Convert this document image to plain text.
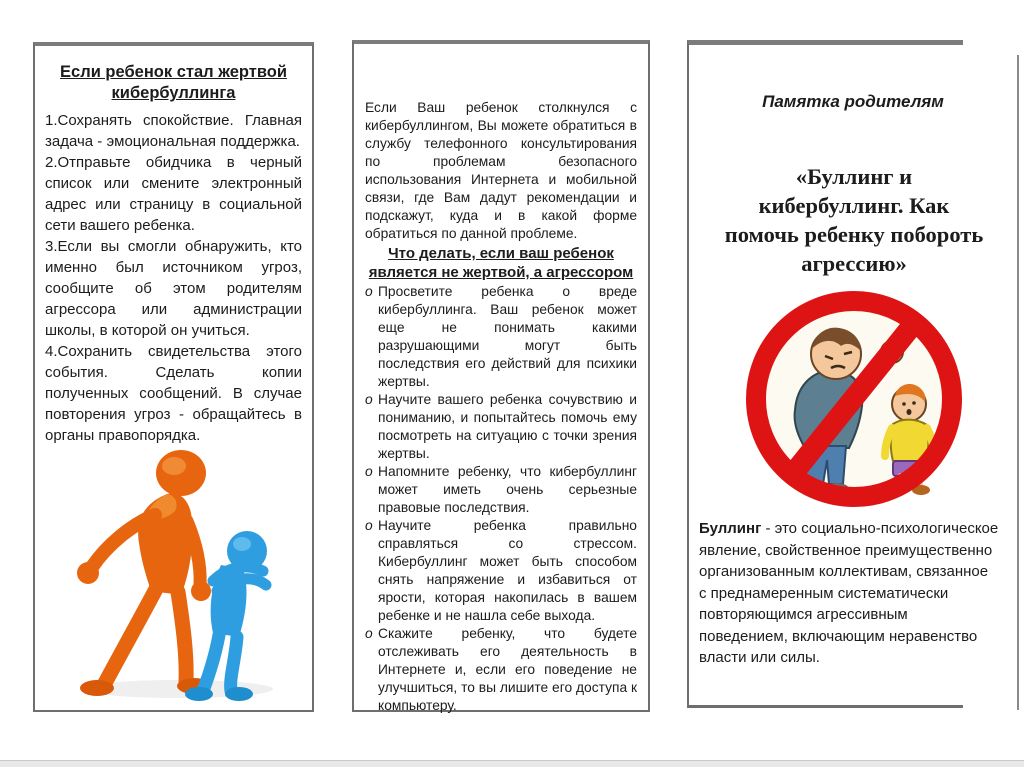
Если ребенок стал жертвой кибербуллинга

1.Сохранять спокойствие. Главная задача - эмоциональная поддержка.

2.Отправьте обидчика в черный список или смените электронный адрес или страницу в социальной сети вашего ребенка.

3.Если вы смогли обнаружить, кто именно был источником угроз, сообщите об этом родителям агрессора или администрации школы, в которой он учиться.

4.Сохранить свидетельства этого события. Сделать копии полученных сообщений. В случае повторения угроз - обращайтесь в органы правопорядка.

Если Ваш ребенок столкнулся с кибербуллингом, Вы можете обратиться в службу телефонного консультирования по проблемам безопасного использования Интернета и мобильной связи, где Вам дадут рекомендации и подскажут, куда и в какой форме обратиться по данной проблеме.

Что делать, если ваш ребенок является не жертвой, а агрессором
o Просветите ребенка о вреде кибербуллинга. Ваш ребенок может еще не понимать какими разрушающими могут быть последствия его действий для психики жертвы.
o Научите вашего ребенка сочувствию и пониманию, и попытайтесь помочь ему посмотреть на ситуацию с точки зрения жертвы.
o Напомните ребенку, что кибербуллинг может иметь очень серьезные правовые последствия.
o Научите ребенка правильно справляться со стрессом. Кибербуллинг может быть способом снять напряжение и избавиться от ярости, которая накопилась в вашем ребенке и не нашла себе выхода.
o Скажите ребенку, что будете отслеживать его деятельность в Интернете и, если его поведение не улучшиться, то вы лишите его доступа к компьютеру.
Памятка родителям
«Буллинг и кибербуллинг. Как помочь ребенку побороть агрессию»
Буллинг - это социально-психологическое
явление, свойственное преимущественно
организованным коллективам, связанное
с преднамеренным систематически
повторяющимся агрессивным
поведением, включающим неравенство
власти или силы.
